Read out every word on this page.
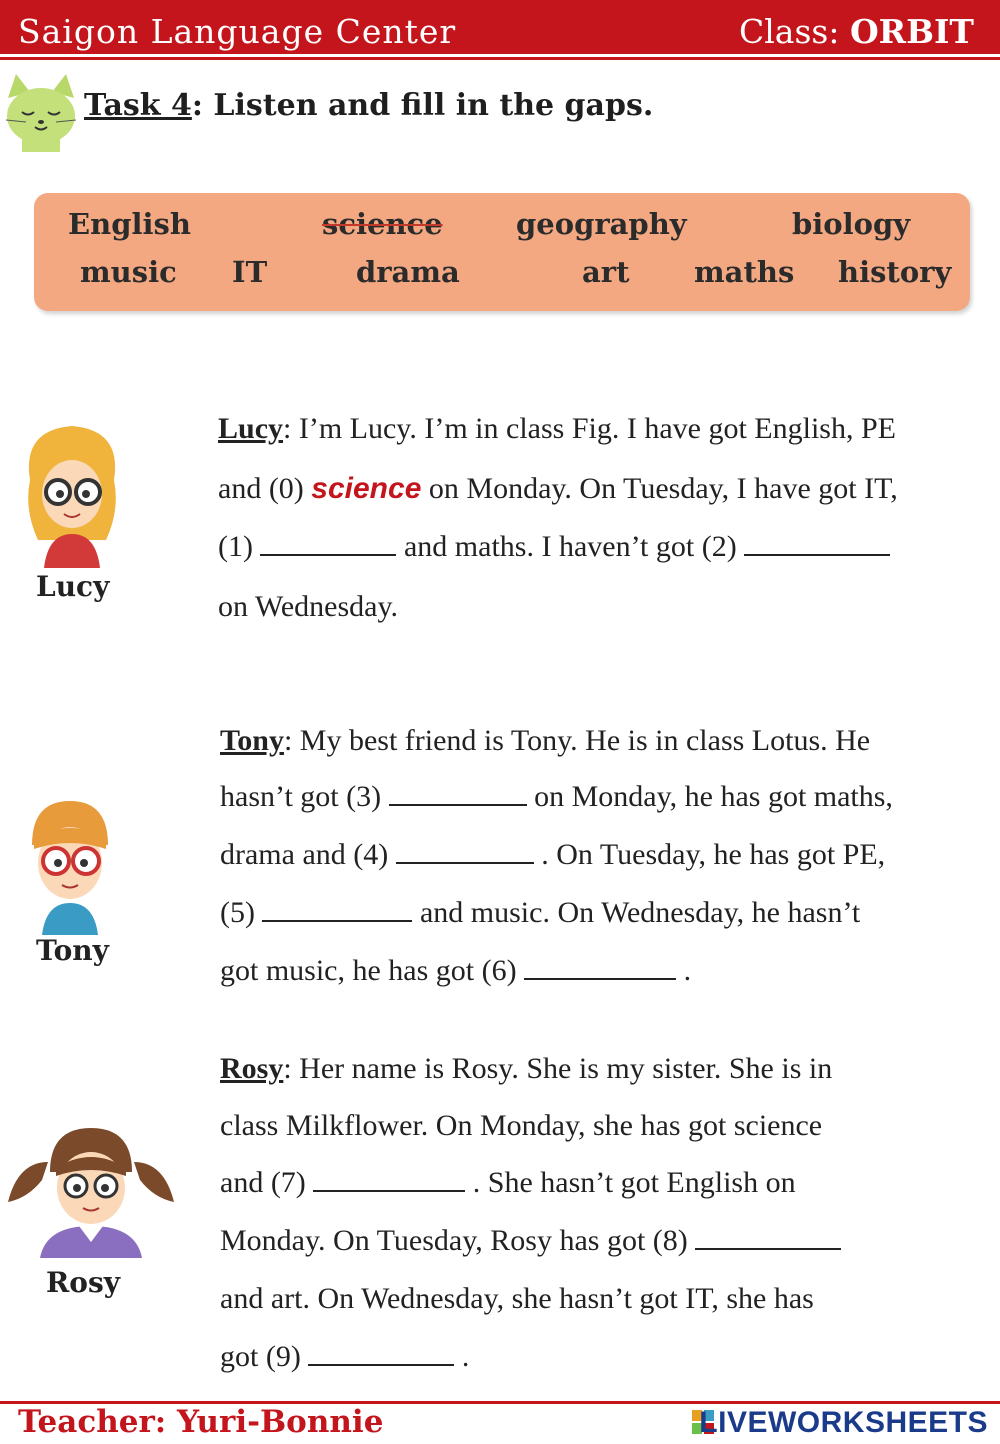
Saigon Language Center	Class: ORBIT
Task 4: Listen and fill in the gaps.
English	science	geography	biology
music IT	drama	art maths history
Lucy
Lucy: I’m Lucy. I’m in class Fig. I have got English, PE
and (0) science on Monday. On Tuesday, I have got IT,
(1)	and maths. I haven’t got (2)
on Wednesday.
Tony
Tony: My best friend is Tony. He is in class Lotus. He
hasn’t got (3)	on Monday, he has got maths,
drama and (4)	. On Tuesday, he has got PE,
(5)	and music. On Wednesday, he hasn’t
got music, he has got (6)	.
Rosy
Rosy: Her name is Rosy. She is my sister. She is in
class Milkflower. On Monday, she has got science
and (7)	. She hasn’t got English on
Monday. On Tuesday, Rosy has got (8)
and art. On Wednesday, she hasn’t got IT, she has
got (9)	.
Teacher: Yuri-Bonnie	LIVEWORKSHEETS
